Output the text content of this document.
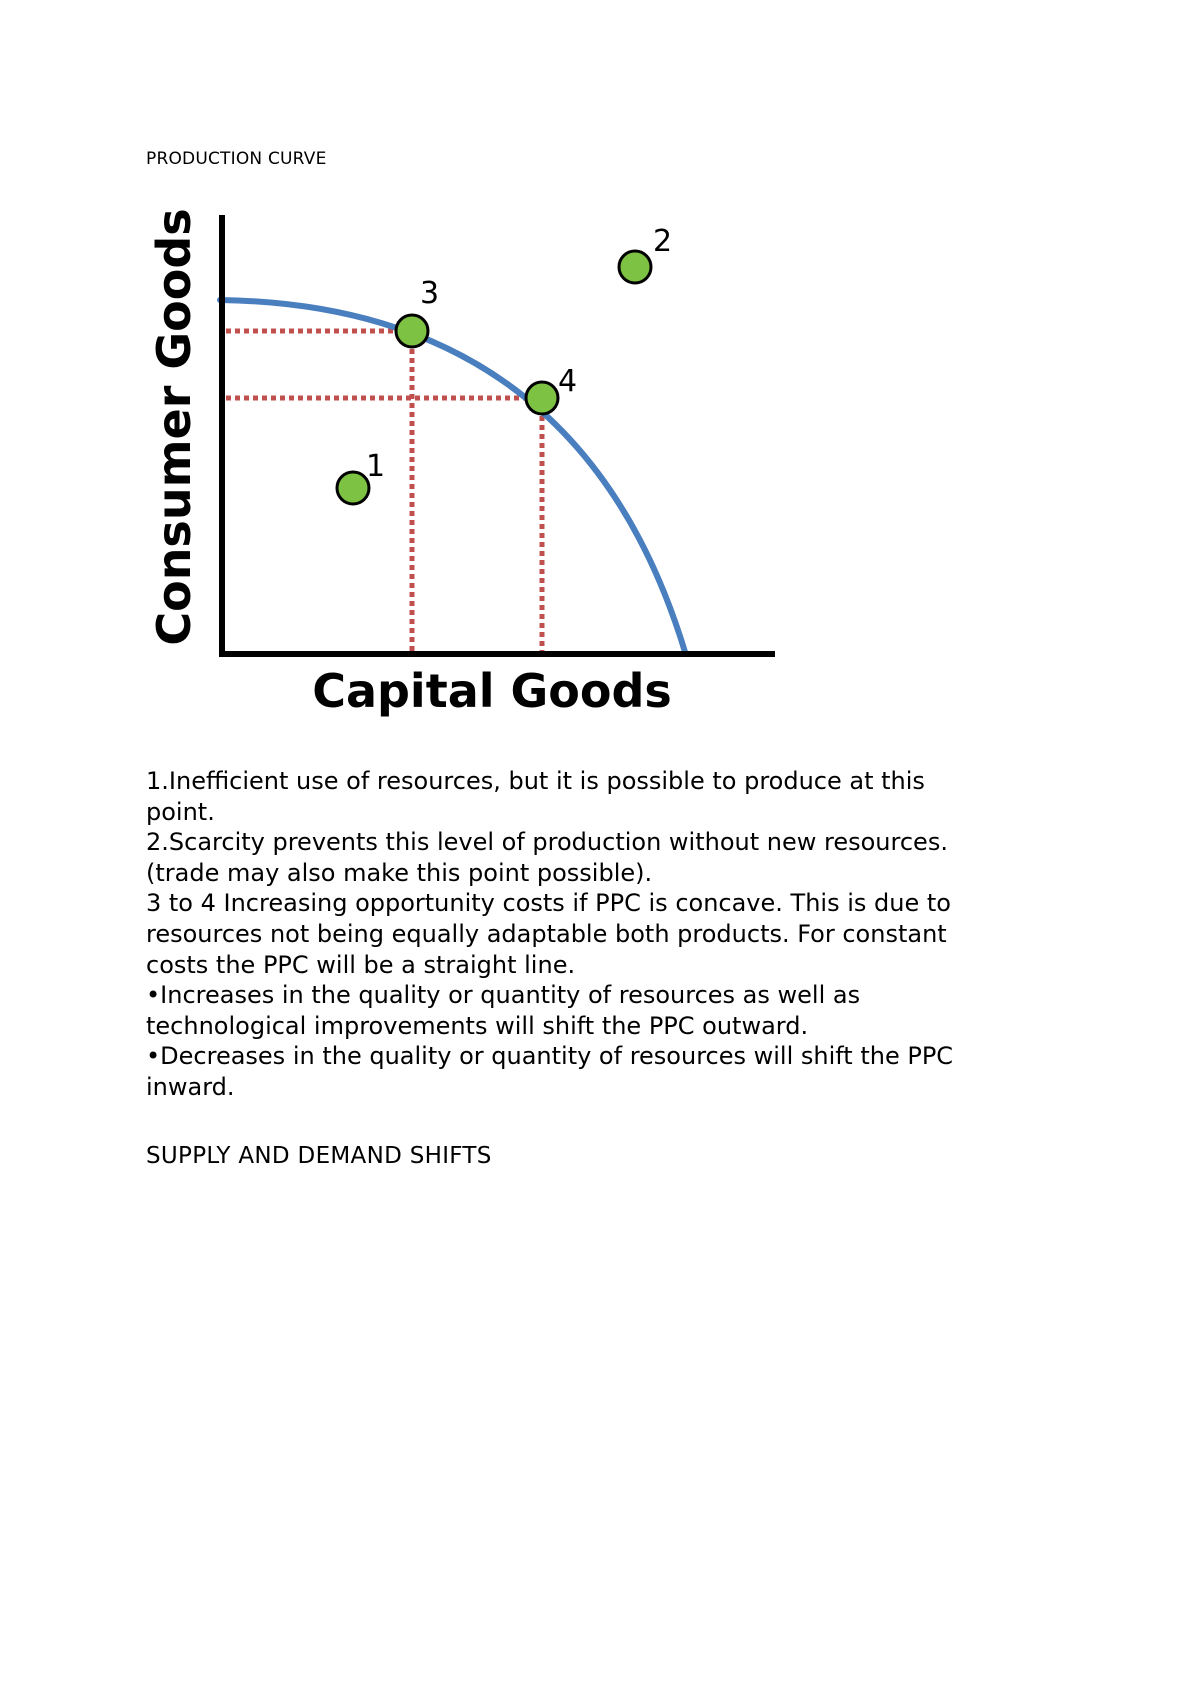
PRODUCTION CURVE
1
2
3
4
Capital Goods
Consumer Goods
1.Inefficient use of resources, but it is possible to produce at this
point.
2.Scarcity prevents this level of production without new resources.
(trade may also make this point possible).
3 to 4 Increasing opportunity costs if PPC is concave. This is due to
resources not being equally adaptable both products. For constant
costs the PPC will be a straight line.
•Increases in the quality or quantity of resources as well as
technological improvements will shift the PPC outward.
•Decreases in the quality or quantity of resources will shift the PPC
inward.
SUPPLY AND DEMAND SHIFTS
